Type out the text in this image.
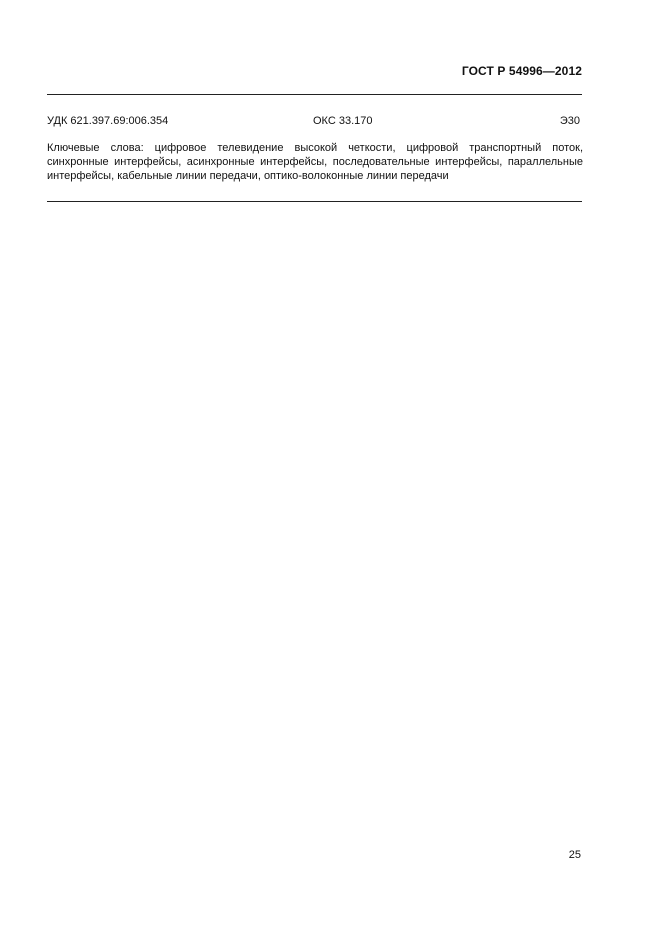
ГОСТ Р 54996—2012
УДК 621.397.69:006.354	ОКС 33.170	Э30

Ключевые слова: цифровое телевидение высокой четкости, цифровой транспортный поток, синхронные интерфейсы, асинхронные интерфейсы, последовательные интерфейсы, параллельные интерфейсы, кабельные линии передачи, оптико-волоконные линии передачи

25
